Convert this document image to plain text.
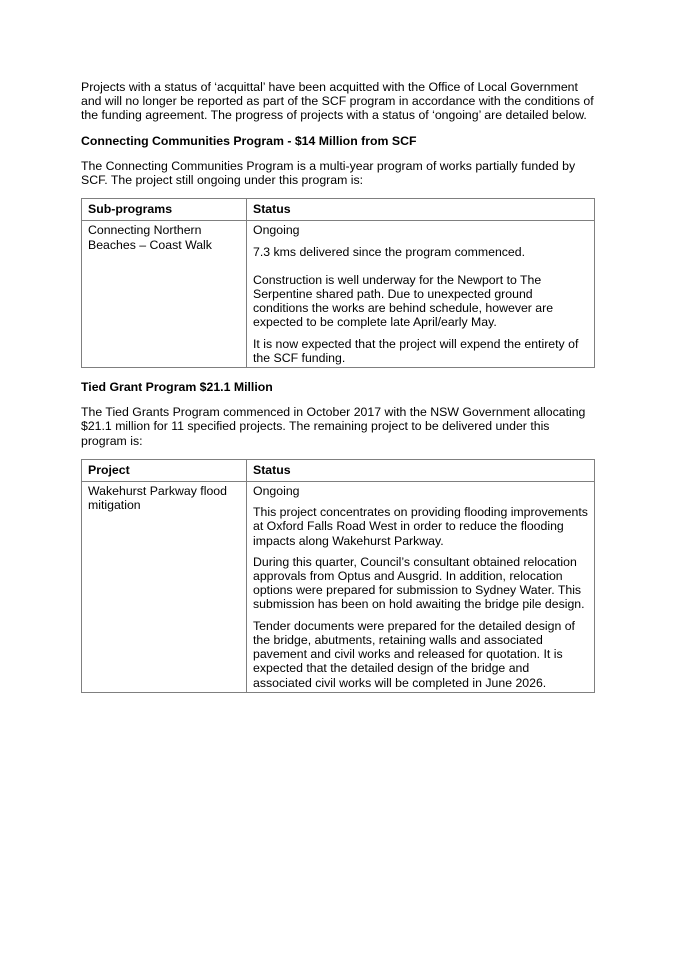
Projects with a status of ‘acquittal’ have been acquitted with the Office of Local Government and will no longer be reported as part of the SCF program in accordance with the conditions of the funding agreement. The progress of projects with a status of ‘ongoing’ are detailed below.

Connecting Communities Program - $14 Million from SCF

The Connecting Communities Program is a multi-year program of works partially funded by SCF. The project still ongoing under this program is:

Sub-programs	Status
Connecting Northern Beaches – Coast Walk	Ongoing

7.3 kms delivered since the program commenced.

Construction is well underway for the Newport to The Serpentine shared path. Due to unexpected ground conditions the works are behind schedule, however are expected to be complete late April/early May.

It is now expected that the project will expend the entirety of the SCF funding.

Tied Grant Program $21.1 Million

The Tied Grants Program commenced in October 2017 with the NSW Government allocating $21.1 million for 11 specified projects. The remaining project to be delivered under this program is:

Project	Status
Wakehurst Parkway flood mitigation	Ongoing

This project concentrates on providing flooding improvements at Oxford Falls Road West in order to reduce the flooding impacts along Wakehurst Parkway.

During this quarter, Council’s consultant obtained relocation approvals from Optus and Ausgrid. In addition, relocation options were prepared for submission to Sydney Water. This submission has been on hold awaiting the bridge pile design.

Tender documents were prepared for the detailed design of the bridge, abutments, retaining walls and associated pavement and civil works and released for quotation. It is expected that the detailed design of the bridge and associated civil works will be completed in June 2026.
